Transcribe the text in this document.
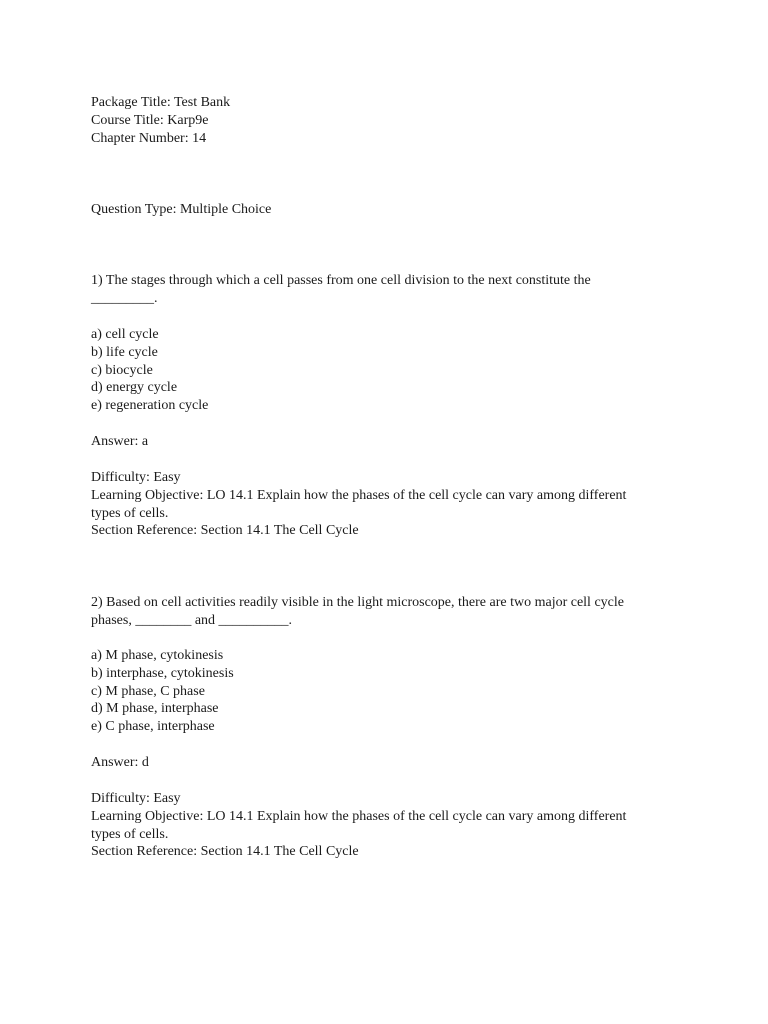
Package Title: Test Bank
Course Title: Karp9e
Chapter Number: 14

Question Type: Multiple Choice

1) The stages through which a cell passes from one cell division to the next constitute the
_________.
a) cell cycle
b) life cycle
c) biocycle
d) energy cycle
e) regeneration cycle

Answer: a

Difficulty: Easy
Learning Objective: LO 14.1 Explain how the phases of the cell cycle can vary among different
types of cells.
Section Reference: Section 14.1 The Cell Cycle
2) Based on cell activities readily visible in the light microscope, there are two major cell cycle
phases, ________ and __________.
a) M phase, cytokinesis
b) interphase, cytokinesis
c) M phase, C phase
d) M phase, interphase
e) C phase, interphase

Answer: d

Difficulty: Easy
Learning Objective: LO 14.1 Explain how the phases of the cell cycle can vary among different
types of cells.
Section Reference: Section 14.1 The Cell Cycle
